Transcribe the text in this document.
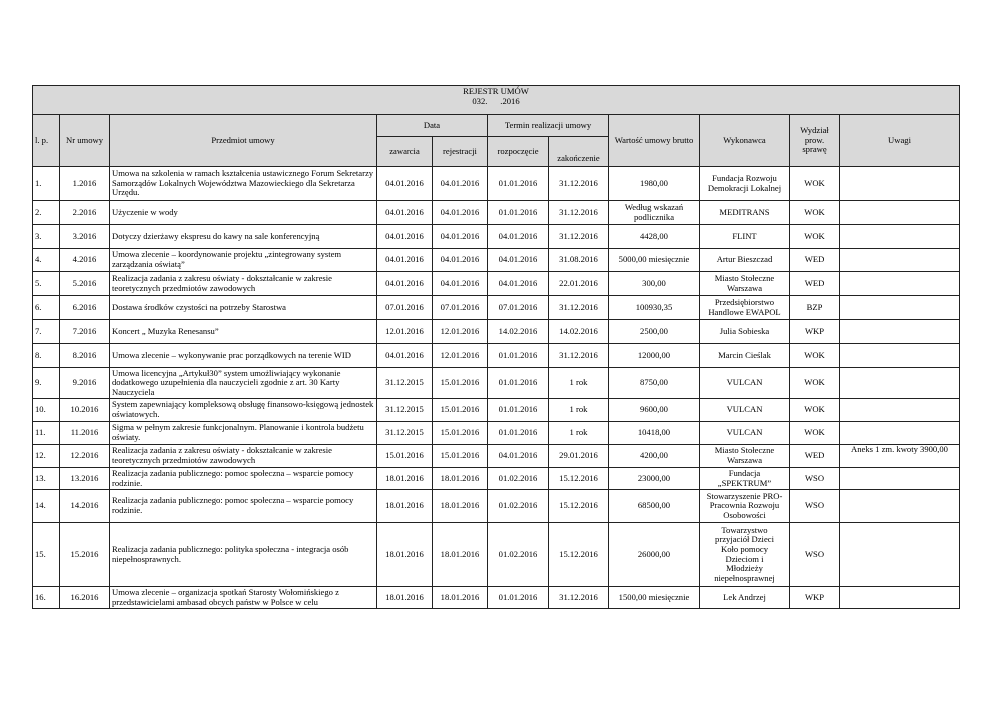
REJESTR UMÓW
032.      .2016										

l. p.	Nr umowy	Przedmiot umowy	Data		Termin realizacji umowy		Wartość umowy brutto	Wykonawca	Wydział prow. sprawę	Uwagi
			zawarcia	rejestracji	rozpoczęcie	zakończenie				
1.	1.2016	Umowa na szkolenia w ramach kształcenia ustawicznego Forum Sekretarzy Samorządów Lokalnych Województwa Mazowieckiego dla Sekretarza Urzędu.	04.01.2016	04.01.2016	01.01.2016	31.12.2016	1980,00	Fundacja Rozwoju Demokracji Lokalnej	WOK	
2.	2.2016	Użyczenie w wody	04.01.2016	04.01.2016	01.01.2016	31.12.2016	Według wskazań podlicznika	MEDITRANS	WOK	
3.	3.2016	Dotyczy dzierżawy ekspresu do kawy na sale konferencyjną	04.01.2016	04.01.2016	04.01.2016	31.12.2016	4428,00	FLINT	WOK	
4.	4.2016	Umowa zlecenie – koordynowanie projektu „zintegrowany system zarządzania oświatą”	04.01.2016	04.01.2016	04.01.2016	31.08.2016	5000,00 miesięcznie	Artur Bieszczad	WED	
5.	5.2016	Realizacja zadania z zakresu oświaty - dokształcanie w zakresie teoretycznych przedmiotów zawodowych	04.01.2016	04.01.2016	04.01.2016	22.01.2016	300,00	Miasto Stołeczne Warszawa	WED	
6.	6.2016	Dostawa środków czystości na potrzeby Starostwa	07.01.2016	07.01.2016	07.01.2016	31.12.2016	100930,35	Przedsiębiorstwo Handlowe EWAPOL	BZP	
7.	7.2016	Koncert „ Muzyka Renesansu”	12.01.2016	12.01.2016	14.02.2016	14.02.2016	2500,00	Julia Sobieska	WKP	
8.	8.2016	Umowa zlecenie – wykonywanie prac porządkowych na terenie WID	04.01.2016	12.01.2016	01.01.2016	31.12.2016	12000,00	Marcin Cieślak	WOK	
9.	9.2016	Umowa licencyjna „Artykuł30” system umożliwiający wykonanie dodatkowego uzupełnienia dla nauczycieli zgodnie z art. 30 Karty Nauczyciela	31.12.2015	15.01.2016	01.01.2016	1 rok	8750,00	VULCAN	WOK	
10.	10.2016	System zapewniający kompleksową obsługę finansowo-księgową jednostek oświatowych.	31.12.2015	15.01.2016	01.01.2016	1 rok	9600,00	VULCAN	WOK	
11.	11.2016	Sigma w pełnym zakresie funkcjonalnym. Planowanie i kontrola budżetu oświaty.	31.12.2015	15.01.2016	01.01.2016	1 rok	10418,00	VULCAN	WOK	
12.	12.2016	Realizacja zadania z zakresu oświaty - dokształcanie w zakresie teoretycznych przedmiotów zawodowych	15.01.2016	15.01.2016	04.01.2016	29.01.2016	4200,00	Miasto Stołeczne Warszawa	WED	Aneks 1 zm. kwoty 3900,00
13.	13.2016	Realizacja zadania publicznego: pomoc społeczna – wsparcie pomocy rodzinie.	18.01.2016	18.01.2016	01.02.2016	15.12.2016	23000,00	Fundacja „SPEKTRUM”	WSO	
14.	14.2016	Realizacja zadania publicznego: pomoc społeczna – wsparcie pomocy rodzinie.	18.01.2016	18.01.2016	01.02.2016	15.12.2016	68500,00	Stowarzyszenie PRO-Pracownia Rozwoju Osobowości	WSO	
15.	15.2016	Realizacja zadania publicznego: polityka społeczna - integracja osób niepełnosprawnych.	18.01.2016	18.01.2016	01.02.2016	15.12.2016	26000,00	Towarzystwo przyjaciół Dzieci Koło pomocy Dzieciom i Młodzieży niepełnosprawnej	WSO	
16.	16.2016	Umowa zlecenie – organizacja spotkań Starosty Wołomińskiego z przedstawicielami ambasad obcych państw w Polsce w celu	18.01.2016	18.01.2016	01.01.2016	31.12.2016	1500,00 miesięcznie	Lek Andrzej	WKP	
